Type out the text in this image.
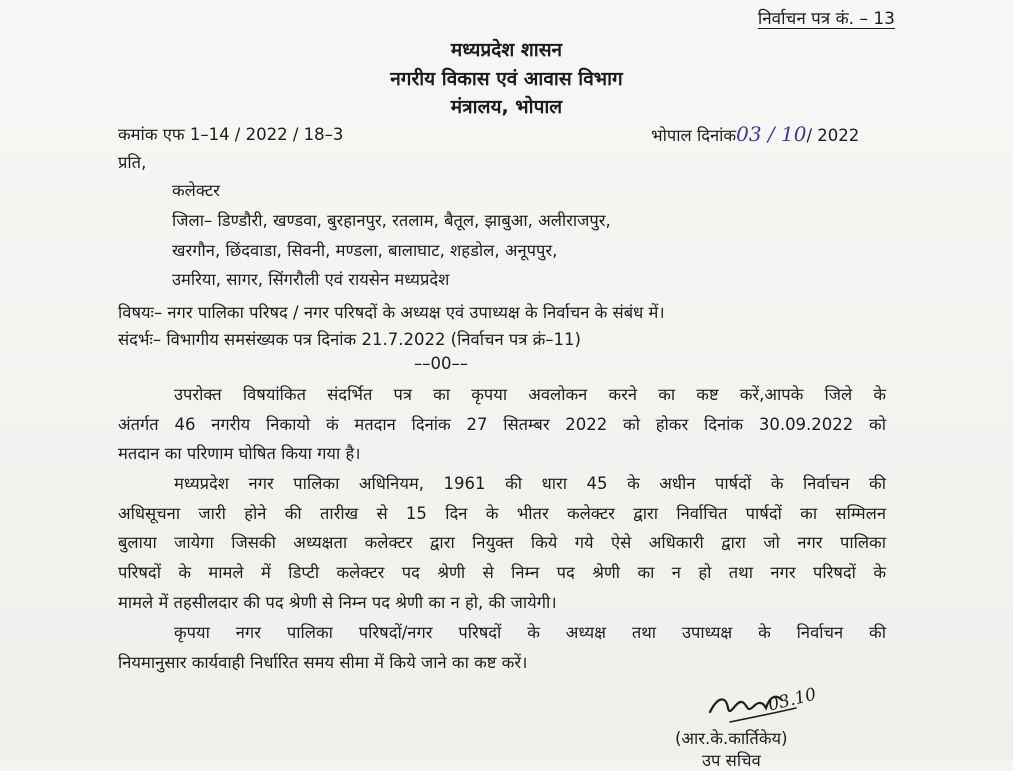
निर्वाचन पत्र कं. – 13
मध्यप्रदेश शासन
नगरीय विकास एवं आवास विभाग
मंत्रालय, भोपाल
कमांक एफ 1–14 / 2022 / 18–3	भोपाल दिनांक03 / 10/ 2022
प्रति,
कलेक्टर
जिला– डिण्डौरी, खण्डवा, बुरहानपुर, रतलाम, बैतूल, झाबुआ, अलीराजपुर,
खरगौन, छिंदवाडा, सिवनी, मण्डला, बालाघाट, शहडोल, अनूपपुर,
उमरिया, सागर, सिंगरौली एवं रायसेन मध्यप्रदेश
विषयः– नगर पालिका परिषद / नगर परिषदों के अध्यक्ष एवं उपाध्यक्ष के निर्वाचन के संबंध में।
संदर्भः– विभागीय समसंख्यक पत्र दिनांक 21.7.2022 (निर्वाचन पत्र क्रं–11)
––00––
उपरोक्त विषयांकित संदर्भित पत्र का कृपया अवलोकन करने का कष्ट करें,आपके जिले के
अंतर्गत 46 नगरीय निकायो कं मतदान दिनांक 27 सितम्बर 2022 को होकर दिनांक 30.09.2022 को
मतदान का परिणाम घोषित किया गया है।
मध्यप्रदेश नगर पालिका अधिनियम, 1961 की धारा 45 के अधीन पार्षदों के निर्वाचन की
अधिसूचना जारी होने की तारीख से 15 दिन के भीतर कलेक्टर द्वारा निर्वाचित पार्षदों का सम्मिलन
बुलाया जायेगा जिसकी अध्यक्षता कलेक्टर द्वारा नियुक्त किये गये ऐसे अधिकारी द्वारा जो नगर पालिका
परिषदों के मामले में डिप्टी कलेक्टर पद श्रेणी से निम्न पद श्रेणी का न हो तथा नगर परिषदों के
मामले में तहसीलदार की पद श्रेणी से निम्न पद श्रेणी का न हो, की जायेगी।
कृपया नगर पालिका परिषदों/नगर परिषदों के अध्यक्ष तथा उपाध्यक्ष के निर्वाचन की
नियमानुसार कार्यवाही निर्धारित समय सीमा में किये जाने का कष्ट करें।
03.10
(आर.के.कार्तिकेय)
उप सचिव
